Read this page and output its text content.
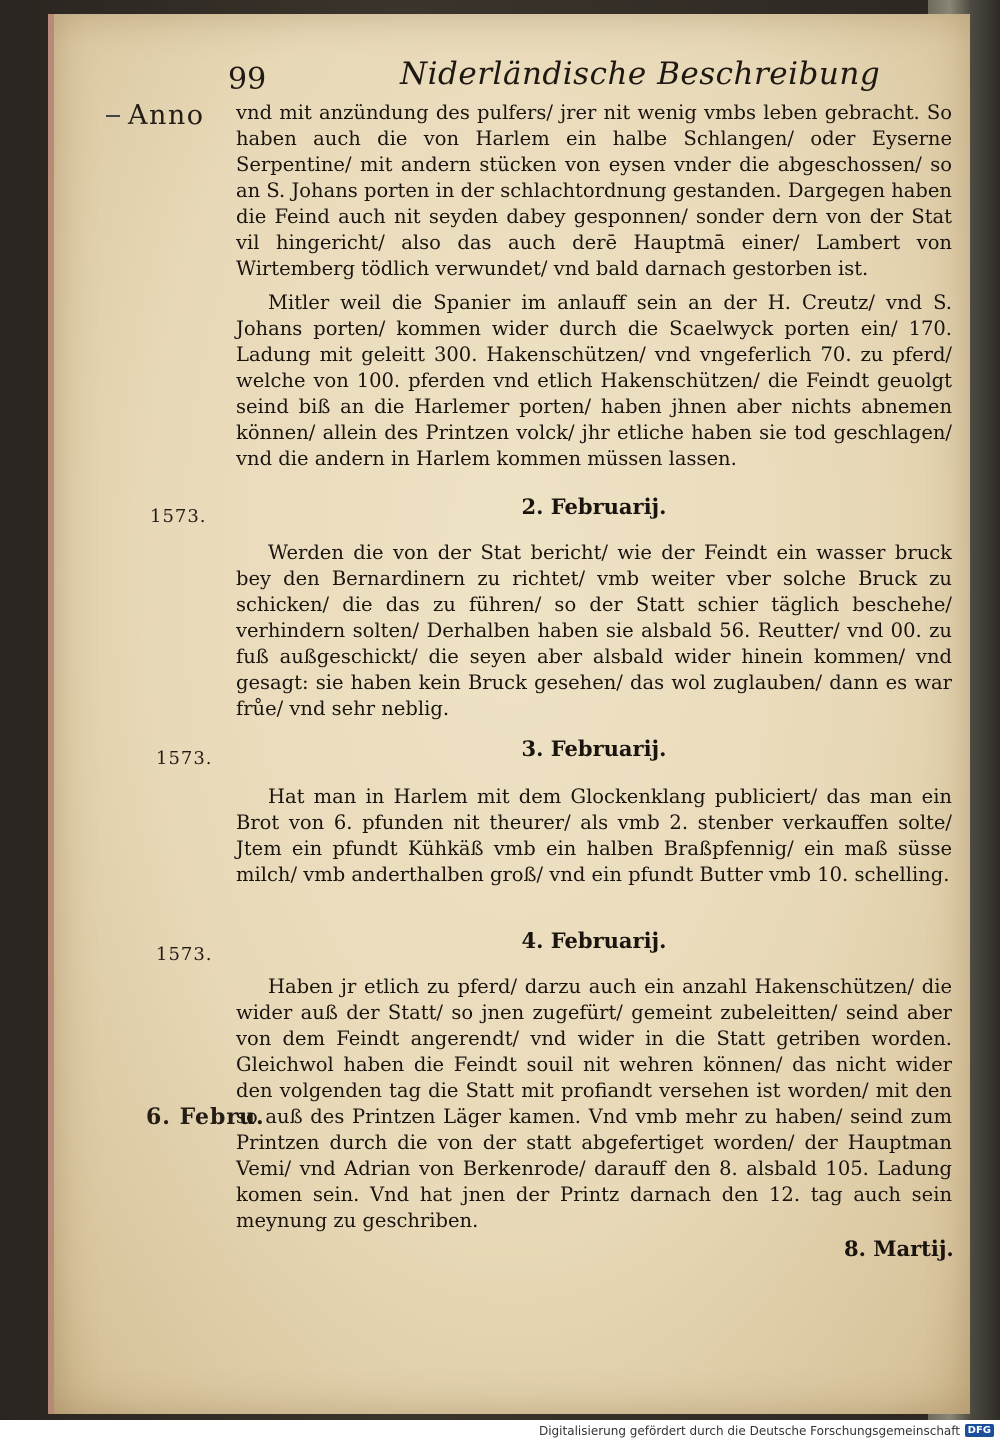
99	Niderländische Beschreibung
Anno
1573.
1573.
1573.
6. Febru.

vnd mit anzündung des pulfers/ jrer nit wenig vmbs leben gebracht. So haben auch die von Harlem ein halbe Schlangen/ oder Eyserne Serpentine/ mit andern stücken von eysen vnder die abgeschossen/ so an S. Johans porten in der schlachtordnung gestanden. Dargegen haben die Feind auch nit seyden dabey gesponnen/ sonder dern von der Stat vil hingericht/ also das auch derē Hauptmā einer/ Lambert von Wirtemberg tödlich verwundet/ vnd bald darnach gestorben ist.

Mitler weil die Spanier im anlauff sein an der H. Creutz/ vnd S. Johans porten/ kommen wider durch die Scaelwyck porten ein/ 170. Ladung mit geleitt 300. Hakenschützen/ vnd vngeferlich 70. zu pferd/ welche von 100. pferden vnd etlich Hakenschützen/ die Feindt geuolgt seind biß an die Harlemer porten/ haben jhnen aber nichts abnemen können/ allein des Printzen volck/ jhr etliche haben sie tod geschlagen/ vnd die andern in Harlem kommen müssen lassen.

2. Februarij.

Werden die von der Stat bericht/ wie der Feindt ein wasser bruck bey den Bernardinern zu richtet/ vmb weiter vber solche Bruck zu schicken/ die das zu führen/ so der Statt schier täglich beschehe/ verhindern solten/ Derhalben haben sie alsbald 56. Reutter/ vnd 00. zu fuß außgeschickt/ die seyen aber alsbald wider hinein kommen/ vnd gesagt: sie haben kein Bruck gesehen/ das wol zuglauben/ dann es war frůe/ vnd sehr neblig.

3. Februarij.

Hat man in Harlem mit dem Glockenklang publiciert/ das man ein Brot von 6. pfunden nit theurer/ als vmb 2. stenber verkauffen solte/ Jtem ein pfundt Kühkäß vmb ein halben Braßpfennig/ ein maß süsse milch/ vmb anderthalben groß/ vnd ein pfundt Butter vmb 10. schelling.

4. Februarij.

Haben jr etlich zu pferd/ darzu auch ein anzahl Hakenschützen/ die wider auß der Statt/ so jnen zugefürt/ gemeint zubeleitten/ seind aber von dem Feindt angerendt/ vnd wider in die Statt getriben worden. Gleichwol haben die Feindt souil nit wehren können/ das nicht wider den volgenden tag die Statt mit profiandt versehen ist worden/ mit den so auß des Printzen Läger kamen. Vnd vmb mehr zu haben/ seind zum Printzen durch die von der statt abgefertiget worden/ der Hauptman Vemi/ vnd Adrian von Berkenrode/ darauff den 8. alsbald 105. Ladung komen sein. Vnd hat jnen der Printz darnach den 12. tag auch sein meynung zu geschriben.

8. Martij.
Digitalisierung gefördert durch die Deutsche Forschungsgemeinschaft DFG
